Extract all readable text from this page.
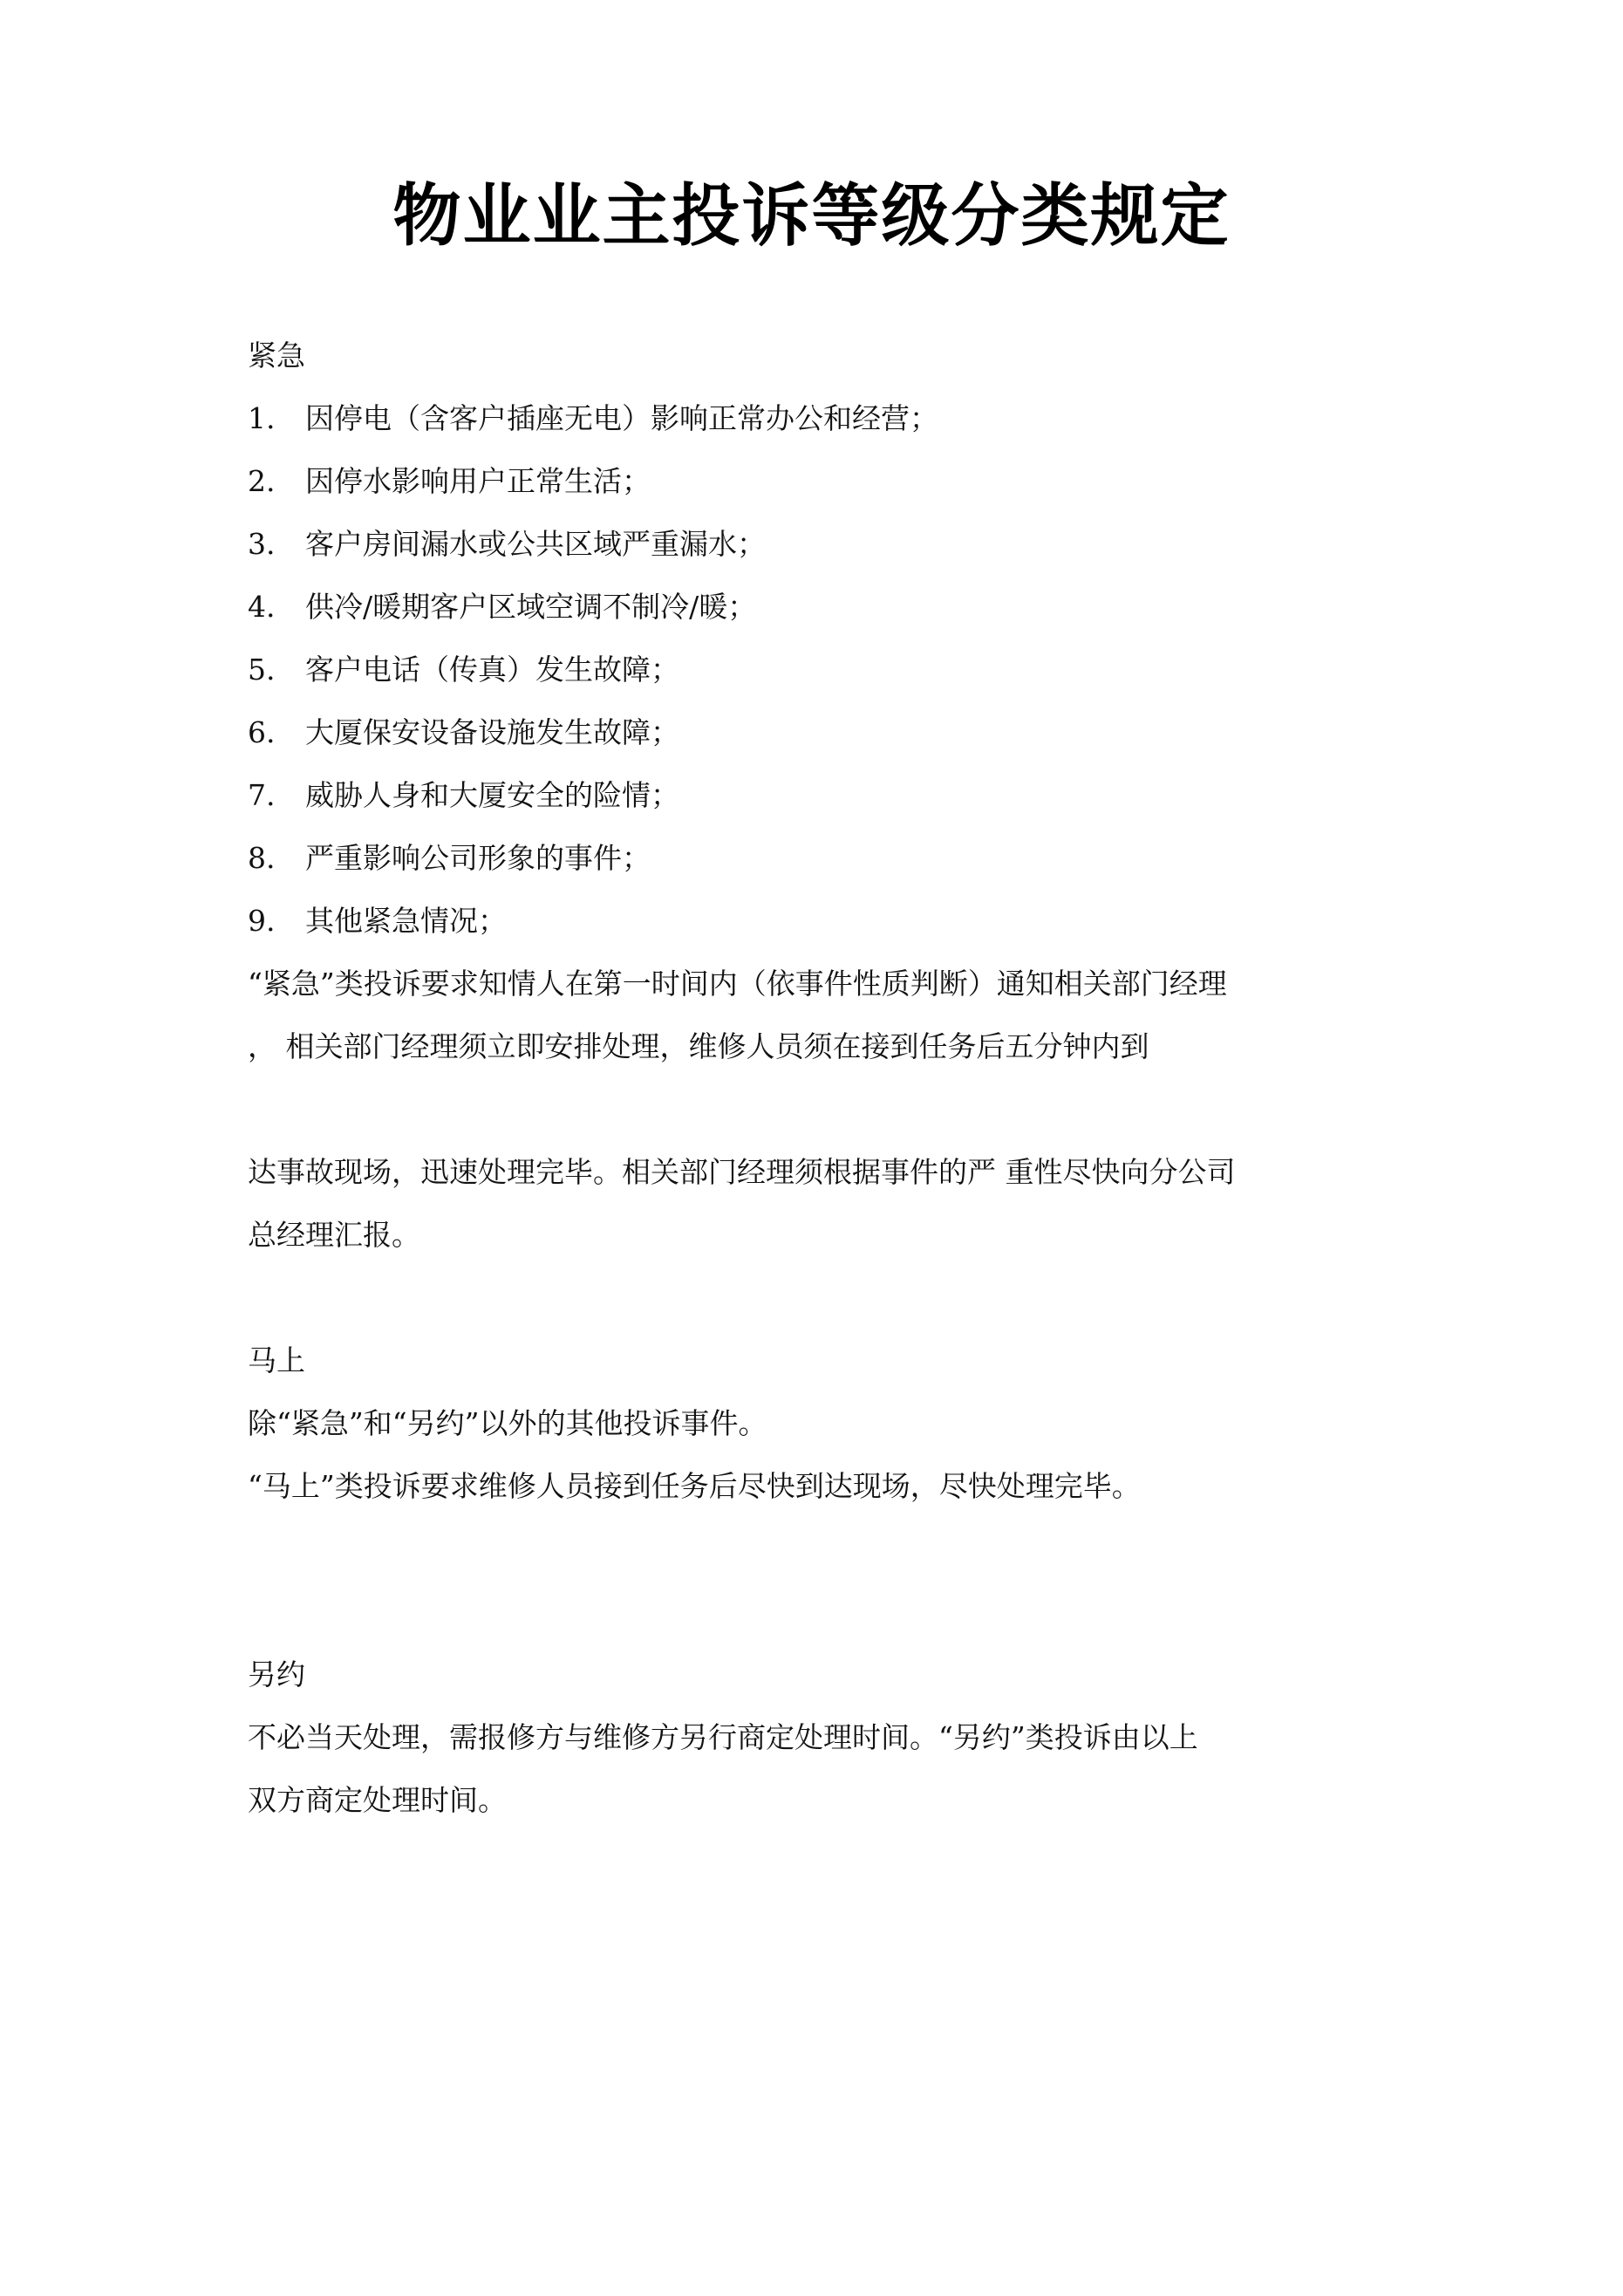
物业业主投诉等级分类规定
紧急
1. 因停电（含客户插座无电）影响正常办公和经营；
2. 因停水影响用户正常生活；
3. 客户房间漏水或公共区域严重漏水；
4. 供冷/暖期客户区域空调不制冷/暖；
5. 客户电话（传真）发生故障；
6. 大厦保安设备设施发生故障；
7. 威胁人身和大厦安全的险情；
8. 严重影响公司形象的事件；
9. 其他紧急情况；
“紧急”类投诉要求知情人在第一时间内（依事件性质判断）通知相关部门经理
， 相关部门经理须立即安排处理，维修人员须在接到任务后五分钟内到
达事故现场，迅速处理完毕。相关部门经理须根据事件的严 重性尽快向分公司
总经理汇报。
马上
除“紧急”和“另约”以外的其他投诉事件。
“马上”类投诉要求维修人员接到任务后尽快到达现场，尽快处理完毕。
另约
不必当天处理，需报修方与维修方另行商定处理时间。“另约”类投诉由以上
双方商定处理时间。
